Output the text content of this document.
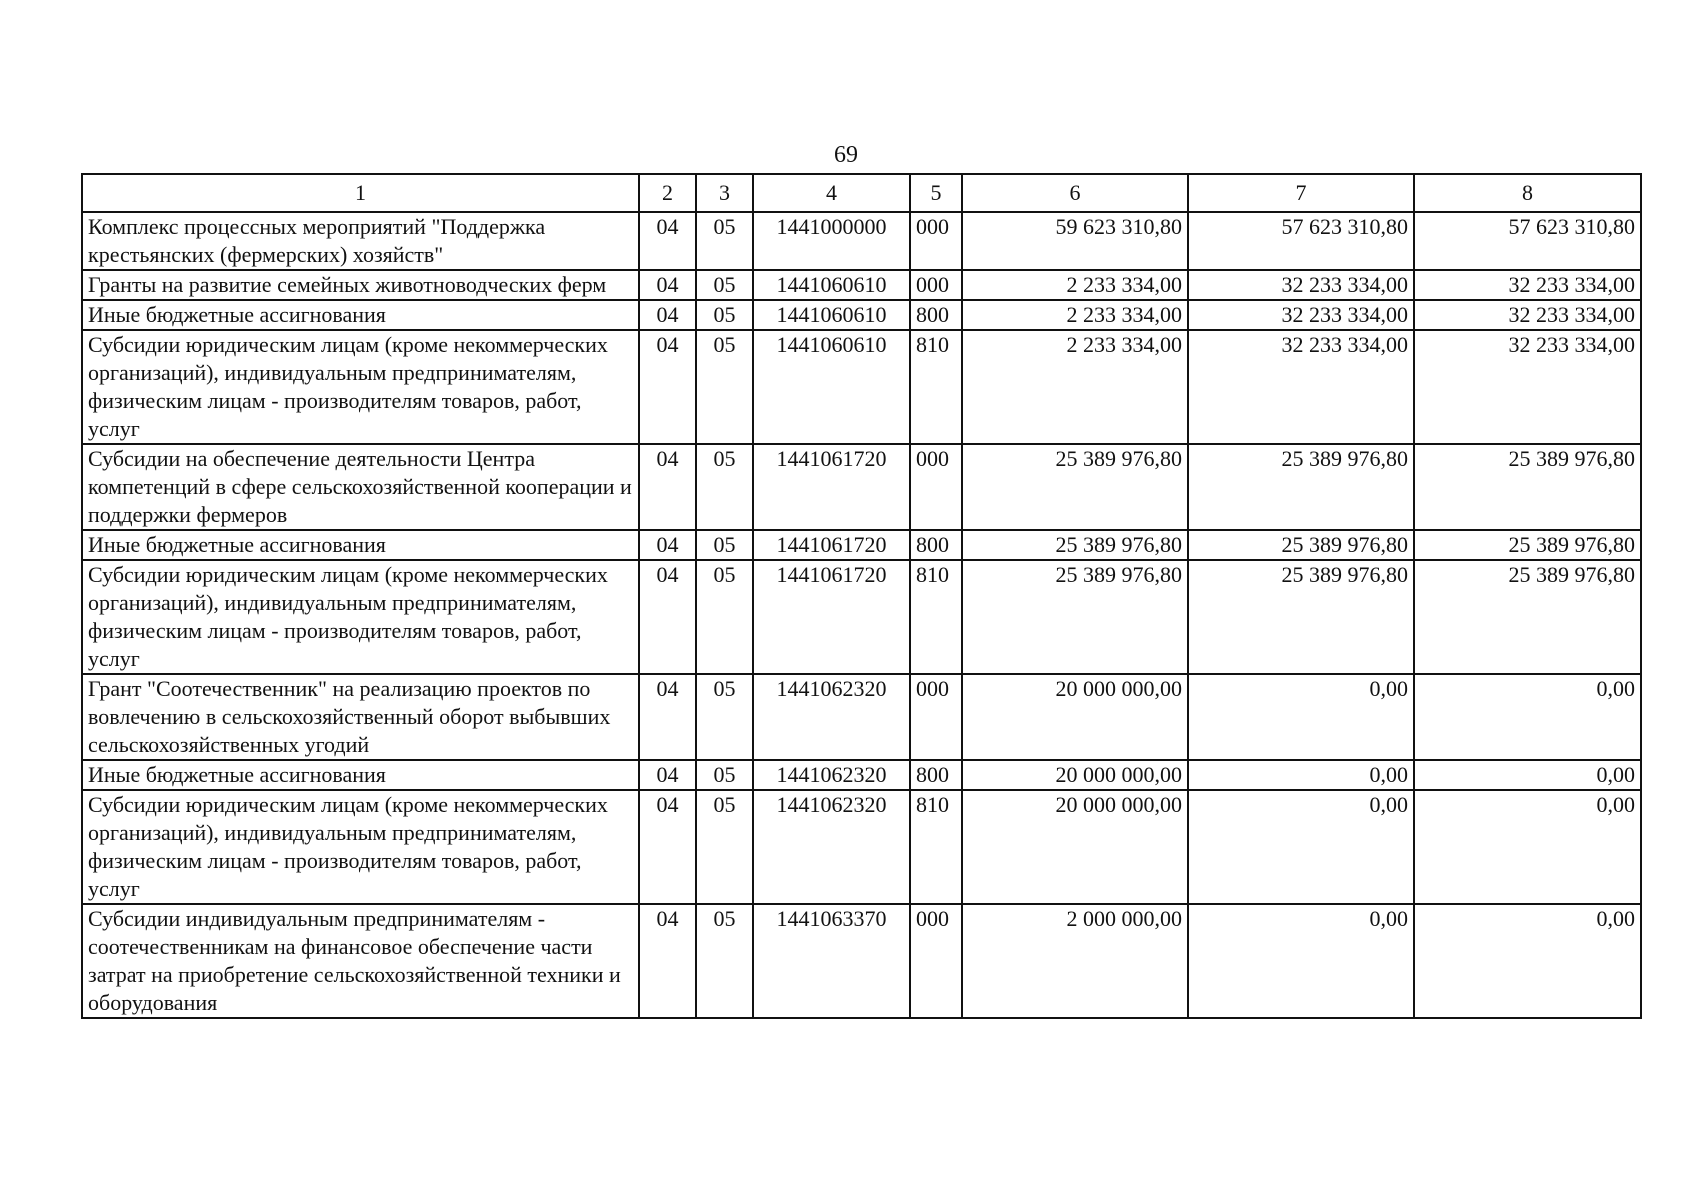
69
1	2	3	4	5	6	7	8
Комплекс процессных мероприятий "Поддержка крестьянских (фермерских) хозяйств"	04	05	1441000000	000	59 623 310,80	57 623 310,80	57 623 310,80
Гранты на развитие семейных животноводческих ферм	04	05	1441060610	000	2 233 334,00	32 233 334,00	32 233 334,00
Иные бюджетные ассигнования	04	05	1441060610	800	2 233 334,00	32 233 334,00	32 233 334,00
Субсидии юридическим лицам (кроме некоммерческих организаций), индивидуальным предпринимателям, физическим лицам - производителям товаров, работ, услуг	04	05	1441060610	810	2 233 334,00	32 233 334,00	32 233 334,00
Субсидии на обеспечение деятельности Центра компетенций в сфере сельскохозяйственной кооперации и поддержки фермеров	04	05	1441061720	000	25 389 976,80	25 389 976,80	25 389 976,80
Иные бюджетные ассигнования	04	05	1441061720	800	25 389 976,80	25 389 976,80	25 389 976,80
Субсидии юридическим лицам (кроме некоммерческих организаций), индивидуальным предпринимателям, физическим лицам - производителям товаров, работ, услуг	04	05	1441061720	810	25 389 976,80	25 389 976,80	25 389 976,80
Грант "Соотечественник" на реализацию проектов по вовлечению в сельскохозяйственный оборот выбывших сельскохозяйственных угодий	04	05	1441062320	000	20 000 000,00	0,00	0,00
Иные бюджетные ассигнования	04	05	1441062320	800	20 000 000,00	0,00	0,00
Субсидии юридическим лицам (кроме некоммерческих организаций), индивидуальным предпринимателям, физическим лицам - производителям товаров, работ, услуг	04	05	1441062320	810	20 000 000,00	0,00	0,00
Субсидии индивидуальным предпринимателям - соотечественникам на финансовое обеспечение части затрат на приобретение сельскохозяйственной техники и оборудования	04	05	1441063370	000	2 000 000,00	0,00	0,00
